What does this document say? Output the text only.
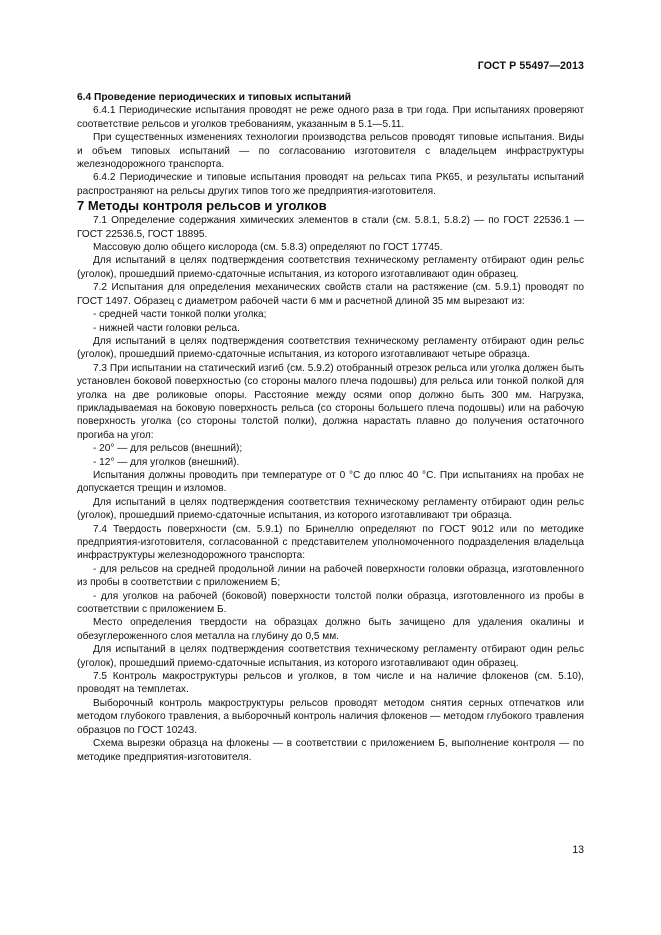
ГОСТ Р 55497—2013

6.4 Проведение периодических и типовых испытаний

6.4.1 Периодические испытания проводят не реже одного раза в три года. При испытаниях проверяют соответствие рельсов и уголков требованиям, указанным в 5.1—5.11.

При существенных изменениях технологии производства рельсов проводят типовые испытания. Виды и объем типовых испытаний — по согласованию изготовителя с владельцем инфраструктуры железнодорожного транспорта.

6.4.2 Периодические и типовые испытания проводят на рельсах типа РК65, и результаты испытаний распространяют на рельсы других типов того же предприятия-изготовителя.

7 Методы контроля рельсов и уголков

7.1 Определение содержания химических элементов в стали (см. 5.8.1, 5.8.2) — по ГОСТ 22536.1 — ГОСТ 22536.5, ГОСТ 18895.

Массовую долю общего кислорода (см. 5.8.3) определяют по ГОСТ 17745.

Для испытаний в целях подтверждения соответствия техническому регламенту отбирают один рельс (уголок), прошедший приемо-сдаточные испытания, из которого изготавливают один образец.

7.2 Испытания для определения механических свойств стали на растяжение (см. 5.9.1) проводят по ГОСТ 1497. Образец с диаметром рабочей части 6 мм и расчетной длиной 35 мм вырезают из:

- средней части тонкой полки уголка;

- нижней части головки рельса.

Для испытаний в целях подтверждения соответствия техническому регламенту отбирают один рельс (уголок), прошедший приемо-сдаточные испытания, из которого изготавливают четыре образца.

7.3 При испытании на статический изгиб (см. 5.9.2) отобранный отрезок рельса или уголка должен быть установлен боковой поверхностью (со стороны малого плеча подошвы) для рельса или тонкой полкой для уголка на две роликовые опоры. Расстояние между осями опор должно быть 300 мм. Нагрузка, прикладываемая на боковую поверхность рельса (со стороны большего плеча подошвы) или на рабочую поверхность уголка (со стороны толстой полки), должна нарастать плавно до получения остаточного прогиба на угол:

- 20° — для рельсов (внешний);

- 12° — для уголков (внешний).

Испытания должны проводить при температуре от 0 °С до плюс 40 °С. При испытаниях на пробах не допускается трещин и изломов.

Для испытаний в целях подтверждения соответствия техническому регламенту отбирают один рельс (уголок), прошедший приемо-сдаточные испытания, из которого изготавливают три образца.

7.4 Твердость поверхности (см. 5.9.1) по Бринеллю определяют по ГОСТ 9012 или по методике предприятия-изготовителя, согласованной с представителем уполномоченного подразделения владельца инфраструктуры железнодорожного транспорта:

- для рельсов на средней продольной линии на рабочей поверхности головки образца, изготовленного из пробы в соответствии с приложением Б;

- для уголков на рабочей (боковой) поверхности толстой полки образца, изготовленного из пробы в соответствии с приложением Б.

Место определения твердости на образцах должно быть зачищено для удаления окалины и обезуглероженного слоя металла на глубину до 0,5 мм.

Для испытаний в целях подтверждения соответствия техническому регламенту отбирают один рельс (уголок), прошедший приемо-сдаточные испытания, из которого изготавливают один образец.

7.5 Контроль макроструктуры рельсов и уголков, в том числе и на наличие флокенов (см. 5.10), проводят на темплетах.

Выборочный контроль макроструктуры рельсов проводят методом снятия серных отпечатков или методом глубокого травления, а выборочный контроль наличия флокенов — методом глубокого травления образцов по ГОСТ 10243.

Схема вырезки образца на флокены — в соответствии с приложением Б, выполнение контроля — по методике предприятия-изготовителя.

13
